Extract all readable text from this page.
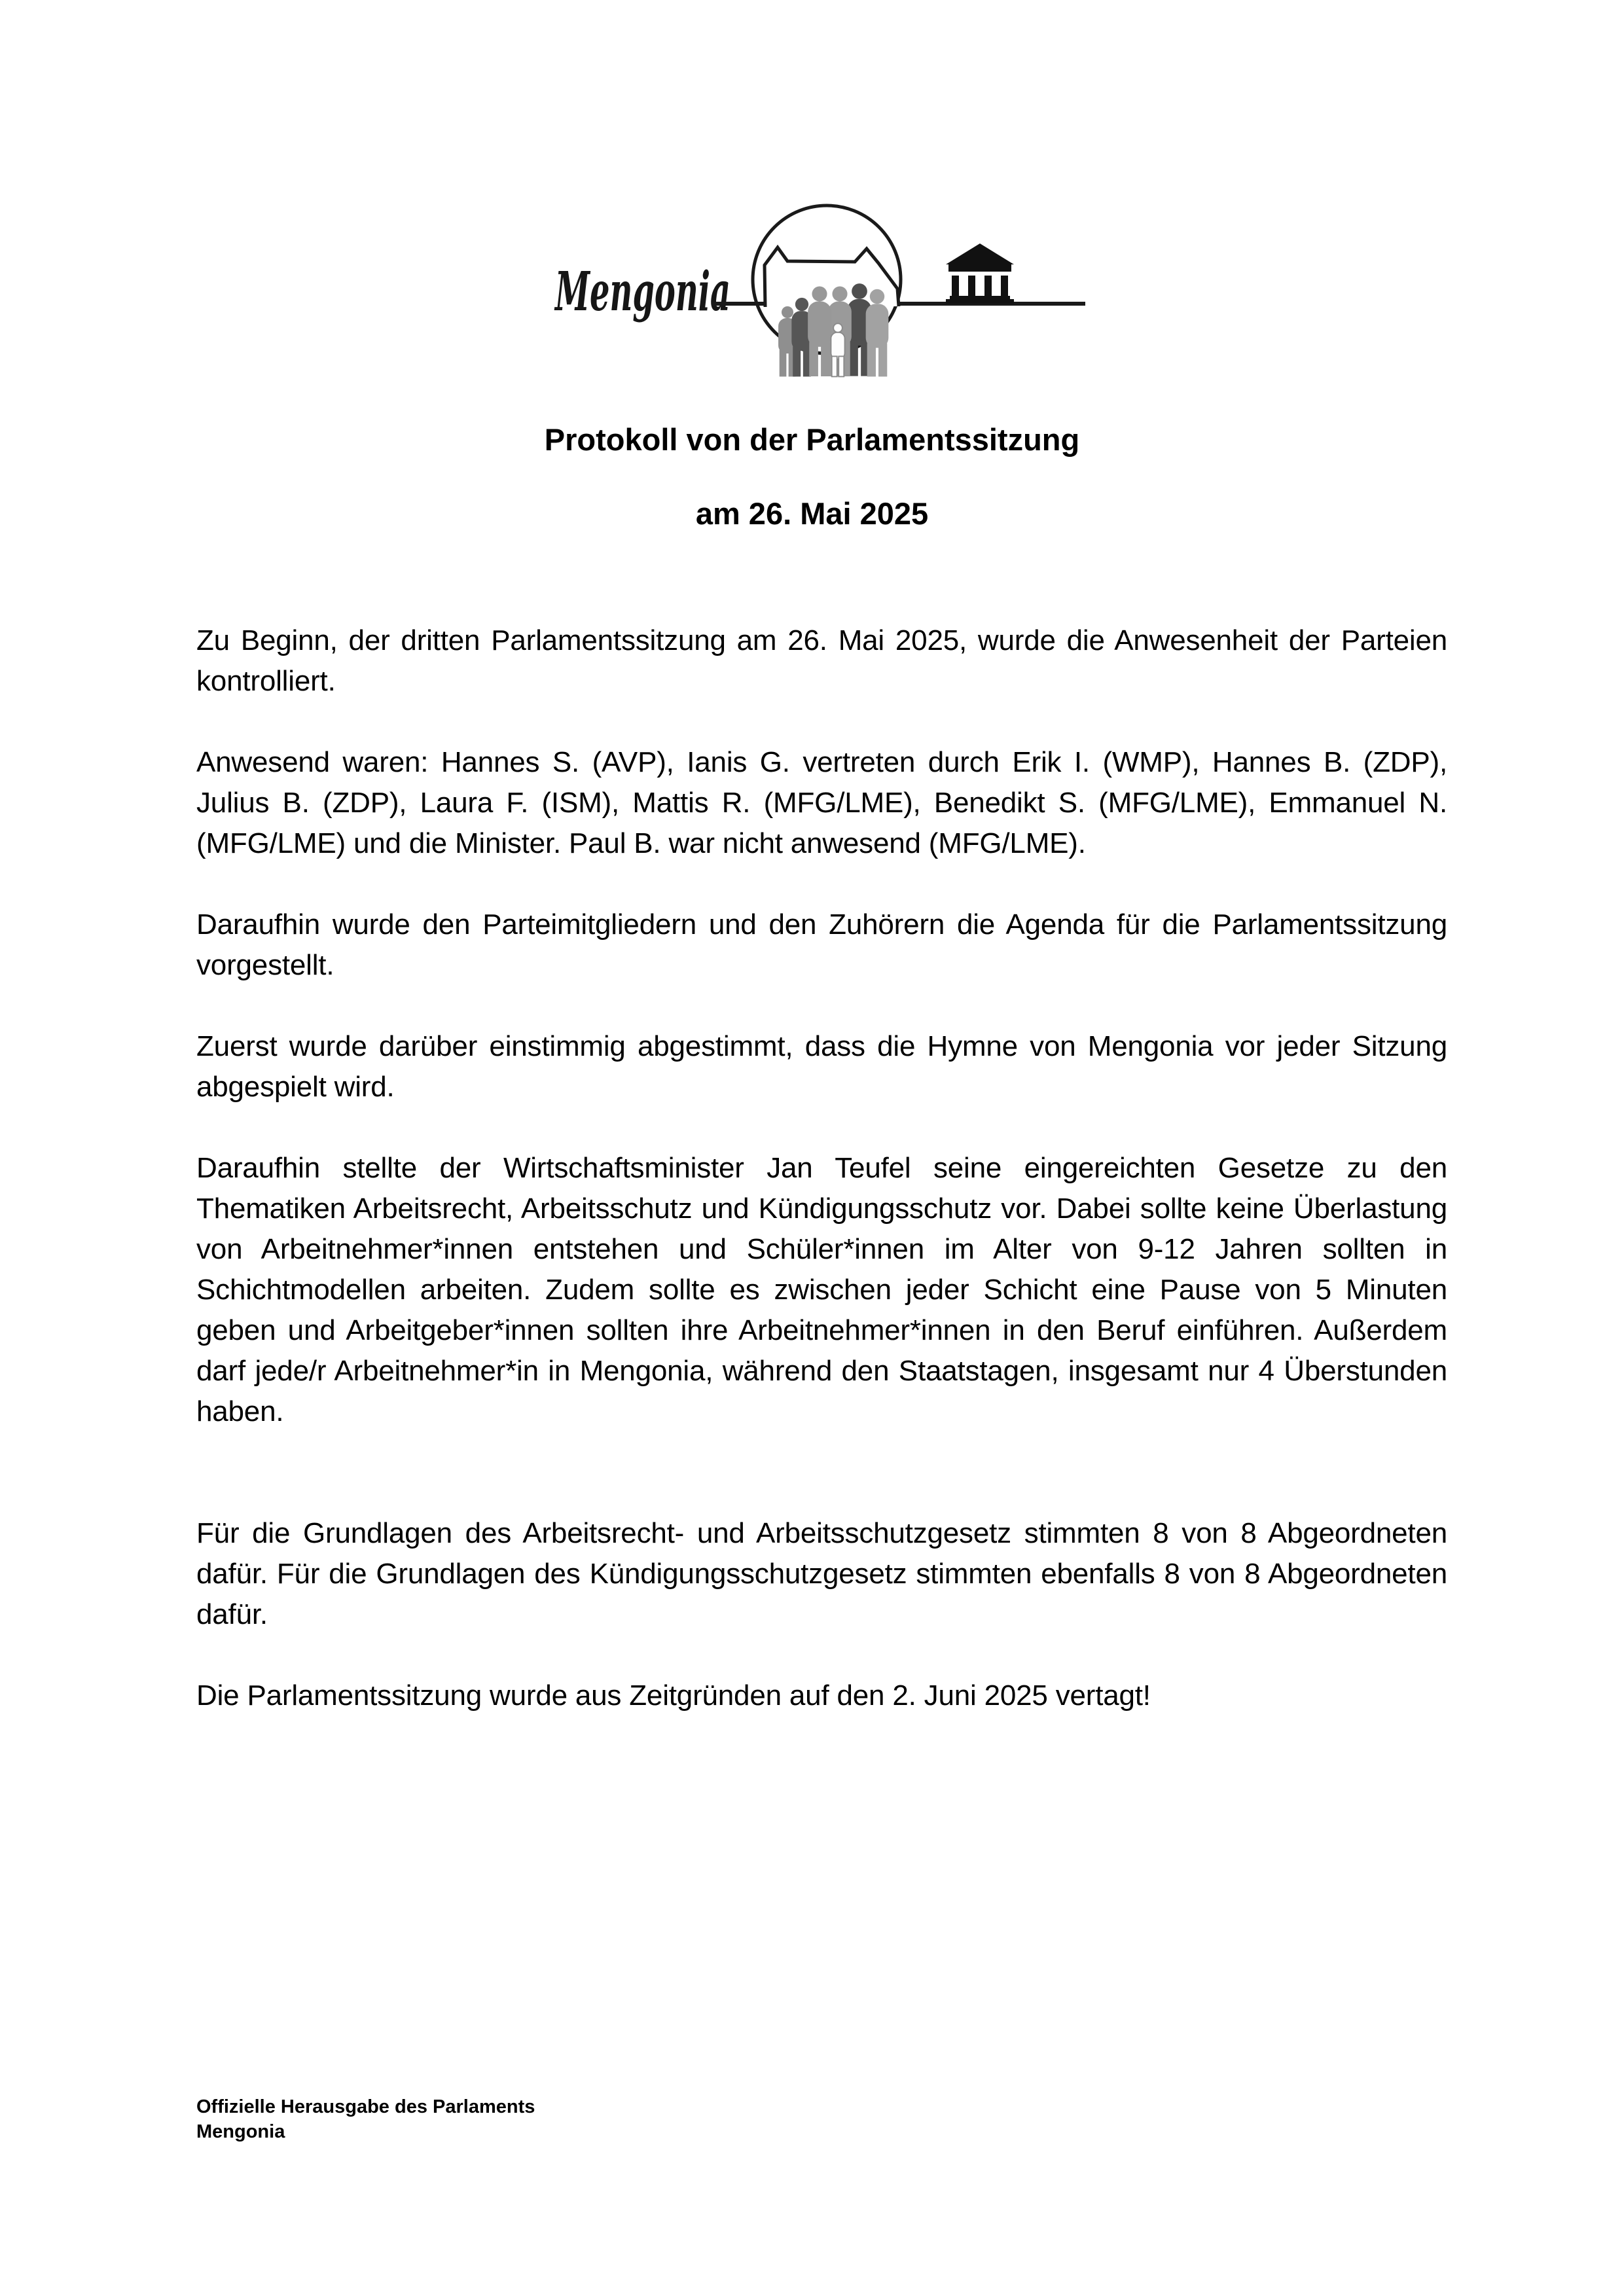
Mengonia
Protokoll von der Parlamentssitzung
am 26. Mai 2025

Zu Beginn, der dritten Parlamentssitzung am 26. Mai 2025, wurde die Anwesenheit der Parteien kontrolliert.

Anwesend waren: Hannes S. (AVP), Ianis G. vertreten durch Erik I. (WMP), Hannes B. (ZDP), Julius B. (ZDP), Laura F. (ISM), Mattis R. (MFG/LME), Benedikt S. (MFG/LME), Emmanuel N. (MFG/LME) und die Minister. Paul B. war nicht anwesend (MFG/LME).

Daraufhin wurde den Parteimitgliedern und den Zuhörern die Agenda für die Parlamentssitzung vorgestellt.

Zuerst wurde darüber einstimmig abgestimmt, dass die Hymne von Mengonia vor jeder Sitzung abgespielt wird.

Daraufhin stellte der Wirtschaftsminister Jan Teufel seine eingereichten Gesetze zu den Thematiken Arbeitsrecht, Arbeitsschutz und Kündigungsschutz vor. Dabei sollte keine Überlastung von Arbeitnehmer*innen entstehen und Schüler*innen im Alter von 9-12 Jahren sollten in Schichtmodellen arbeiten. Zudem sollte es zwischen jeder Schicht eine Pause von 5 Minuten geben und Arbeitgeber*innen sollten ihre Arbeitnehmer*innen in den Beruf einführen. Außerdem darf jede/r Arbeitnehmer*in in Mengonia, während den Staatstagen, insgesamt nur 4 Überstunden haben.

Für die Grundlagen des Arbeitsrecht- und Arbeitsschutzgesetz stimmten 8 von 8 Abgeordneten dafür. Für die Grundlagen des Kündigungsschutzgesetz stimmten ebenfalls 8 von 8 Abgeordneten dafür.

Die Parlamentssitzung wurde aus Zeitgründen auf den 2. Juni 2025 vertagt!

Offizielle Herausgabe des Parlaments
Mengonia
